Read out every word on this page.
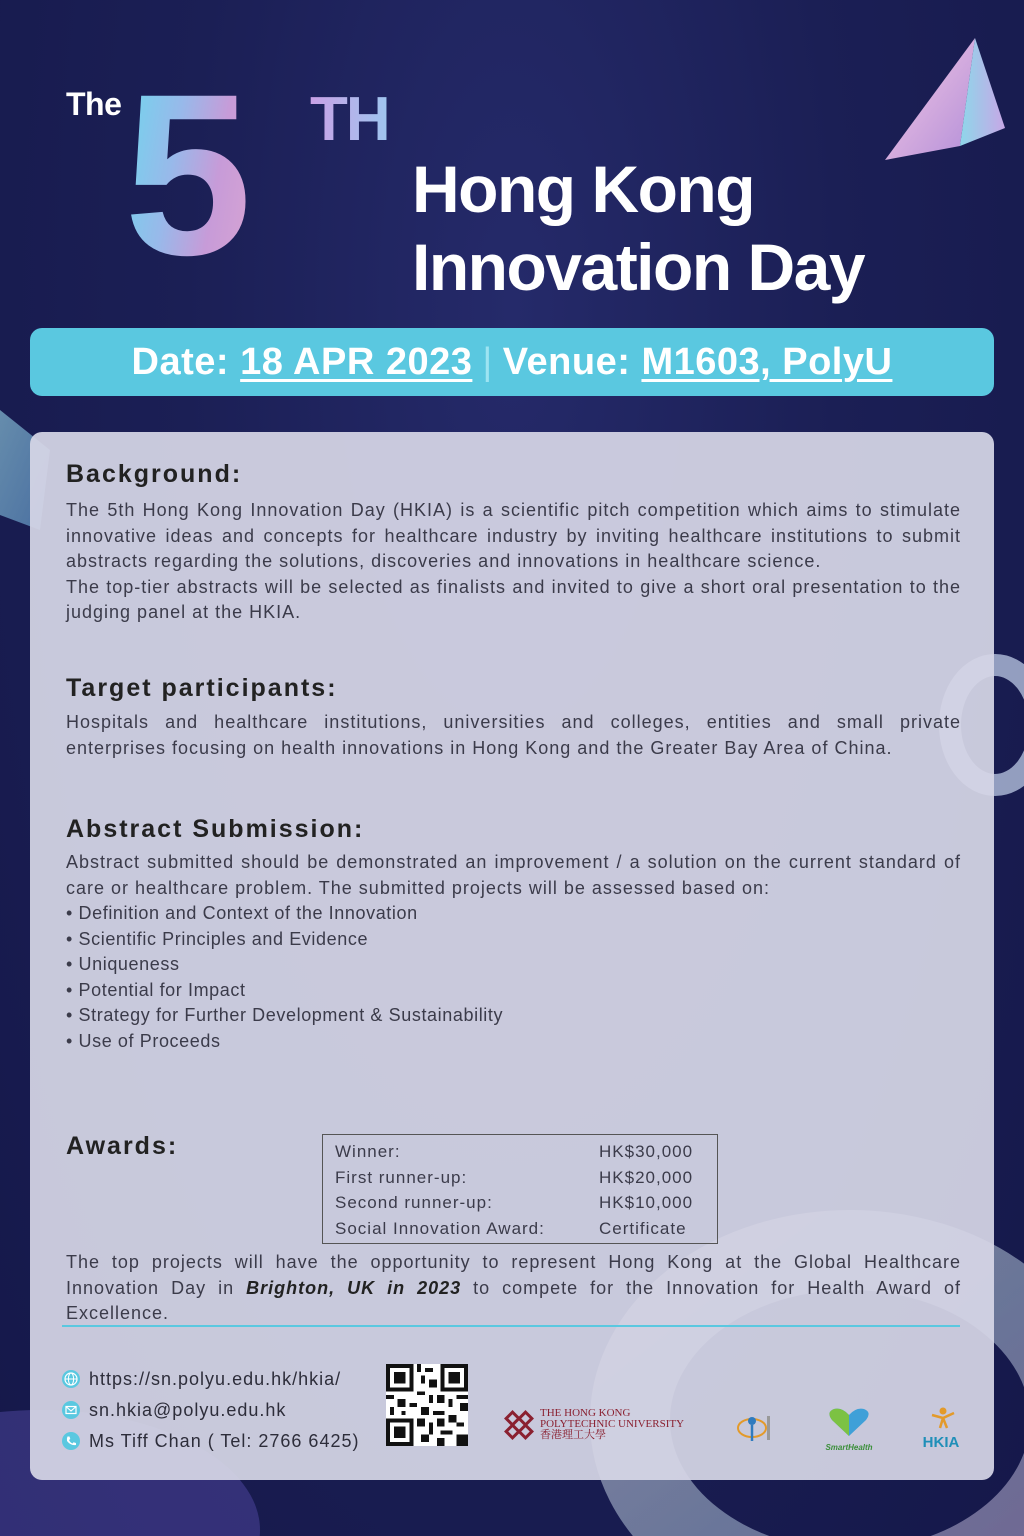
The 5 TH
Hong Kong
Innovation Day
Date:
18 APR 2023 | Venue:
M1603, PolyU
Background:

The 5th Hong Kong Innovation Day (HKIA) is a scientific pitch competition which aims to stimulate innovative ideas and concepts for healthcare industry by inviting healthcare institutions to submit abstracts regarding the solutions, discoveries and innovations in healthcare science.

The top-tier abstracts will be selected as finalists and invited to give a short oral presentation to the judging panel at the HKIA.

Target participants:

Hospitals and healthcare institutions, universities and colleges, entities and small private enterprises focusing on health innovations in Hong Kong and the Greater Bay Area of China.

Abstract Submission:

Abstract submitted should be demonstrated an improvement / a solution on the current standard of care or healthcare problem. The submitted projects will be assessed based on:

• Definition and Context of the Innovation
• Scientific Principles and Evidence
• Uniqueness
• Potential for Impact
• Strategy for Further Development & Sustainability
• Use of Proceeds
Awards:	Winner:	HK$30,000
First runner-up:	HK$20,000
Second runner-up:	HK$10,000
Social Innovation Award:	Certificate

The top projects will have the opportunity to represent Hong Kong at the Global Healthcare Innovation Day in Brighton, UK in 2023 to compete for the Innovation for Health Award of Excellence.

https://sn.polyu.edu.hk/hkia/
sn.hkia@polyu.edu.hk
Ms Tiff Chan ( Tel: 2766 6425)
THE HONG KONG
POLYTECHNIC UNIVERSITY
香港理工大學
SmartHealth	HKIA
